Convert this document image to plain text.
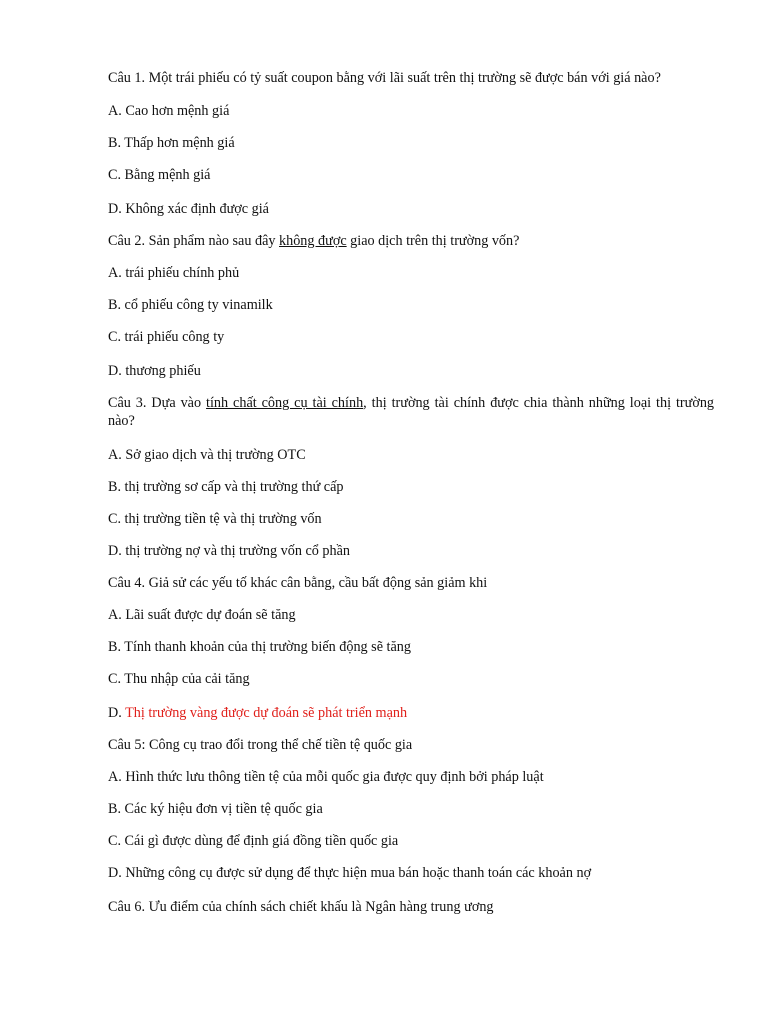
Câu 1. Một trái phiếu có tỷ suất coupon bằng với lãi suất trên thị trường sẽ được bán với giá nào?
A. Cao hơn mệnh giá
B. Thấp hơn mệnh giá
C. Bằng mệnh giá
D. Không xác định được giá
Câu 2. Sản phẩm nào sau đây không được giao dịch trên thị trường vốn?
A. trái phiếu chính phủ
B. cổ phiếu công ty vinamilk
C. trái phiếu công ty
D. thương phiếu
Câu 3. Dựa vào tính chất công cụ tài chính, thị trường tài chính được chia thành những loại thị trường nào?
A. Sở giao dịch và thị trường OTC
B. thị trường sơ cấp và thị trường thứ cấp
C. thị trường tiền tệ và thị trường vốn
D. thị trường nợ và thị trường vốn cổ phần
Câu 4. Giả sử các yếu tố khác cân bằng, cầu bất động sản giảm khi
A. Lãi suất được dự đoán sẽ tăng
B. Tính thanh khoản của thị trường biến động sẽ tăng
C. Thu nhập của cải tăng
D. Thị trường vàng được dự đoán sẽ phát triển mạnh
Câu 5: Công cụ trao đổi trong thể chế tiền tệ quốc gia
A. Hình thức lưu thông tiền tệ của mỗi quốc gia được quy định bởi pháp luật
B. Các ký hiệu đơn vị tiền tệ quốc gia
C. Cái gì được dùng để định giá đồng tiền quốc gia
D. Những công cụ được sử dụng để thực hiện mua bán hoặc thanh toán các khoản nợ
Câu 6. Ưu điểm của chính sách chiết khấu là Ngân hàng trung ương
